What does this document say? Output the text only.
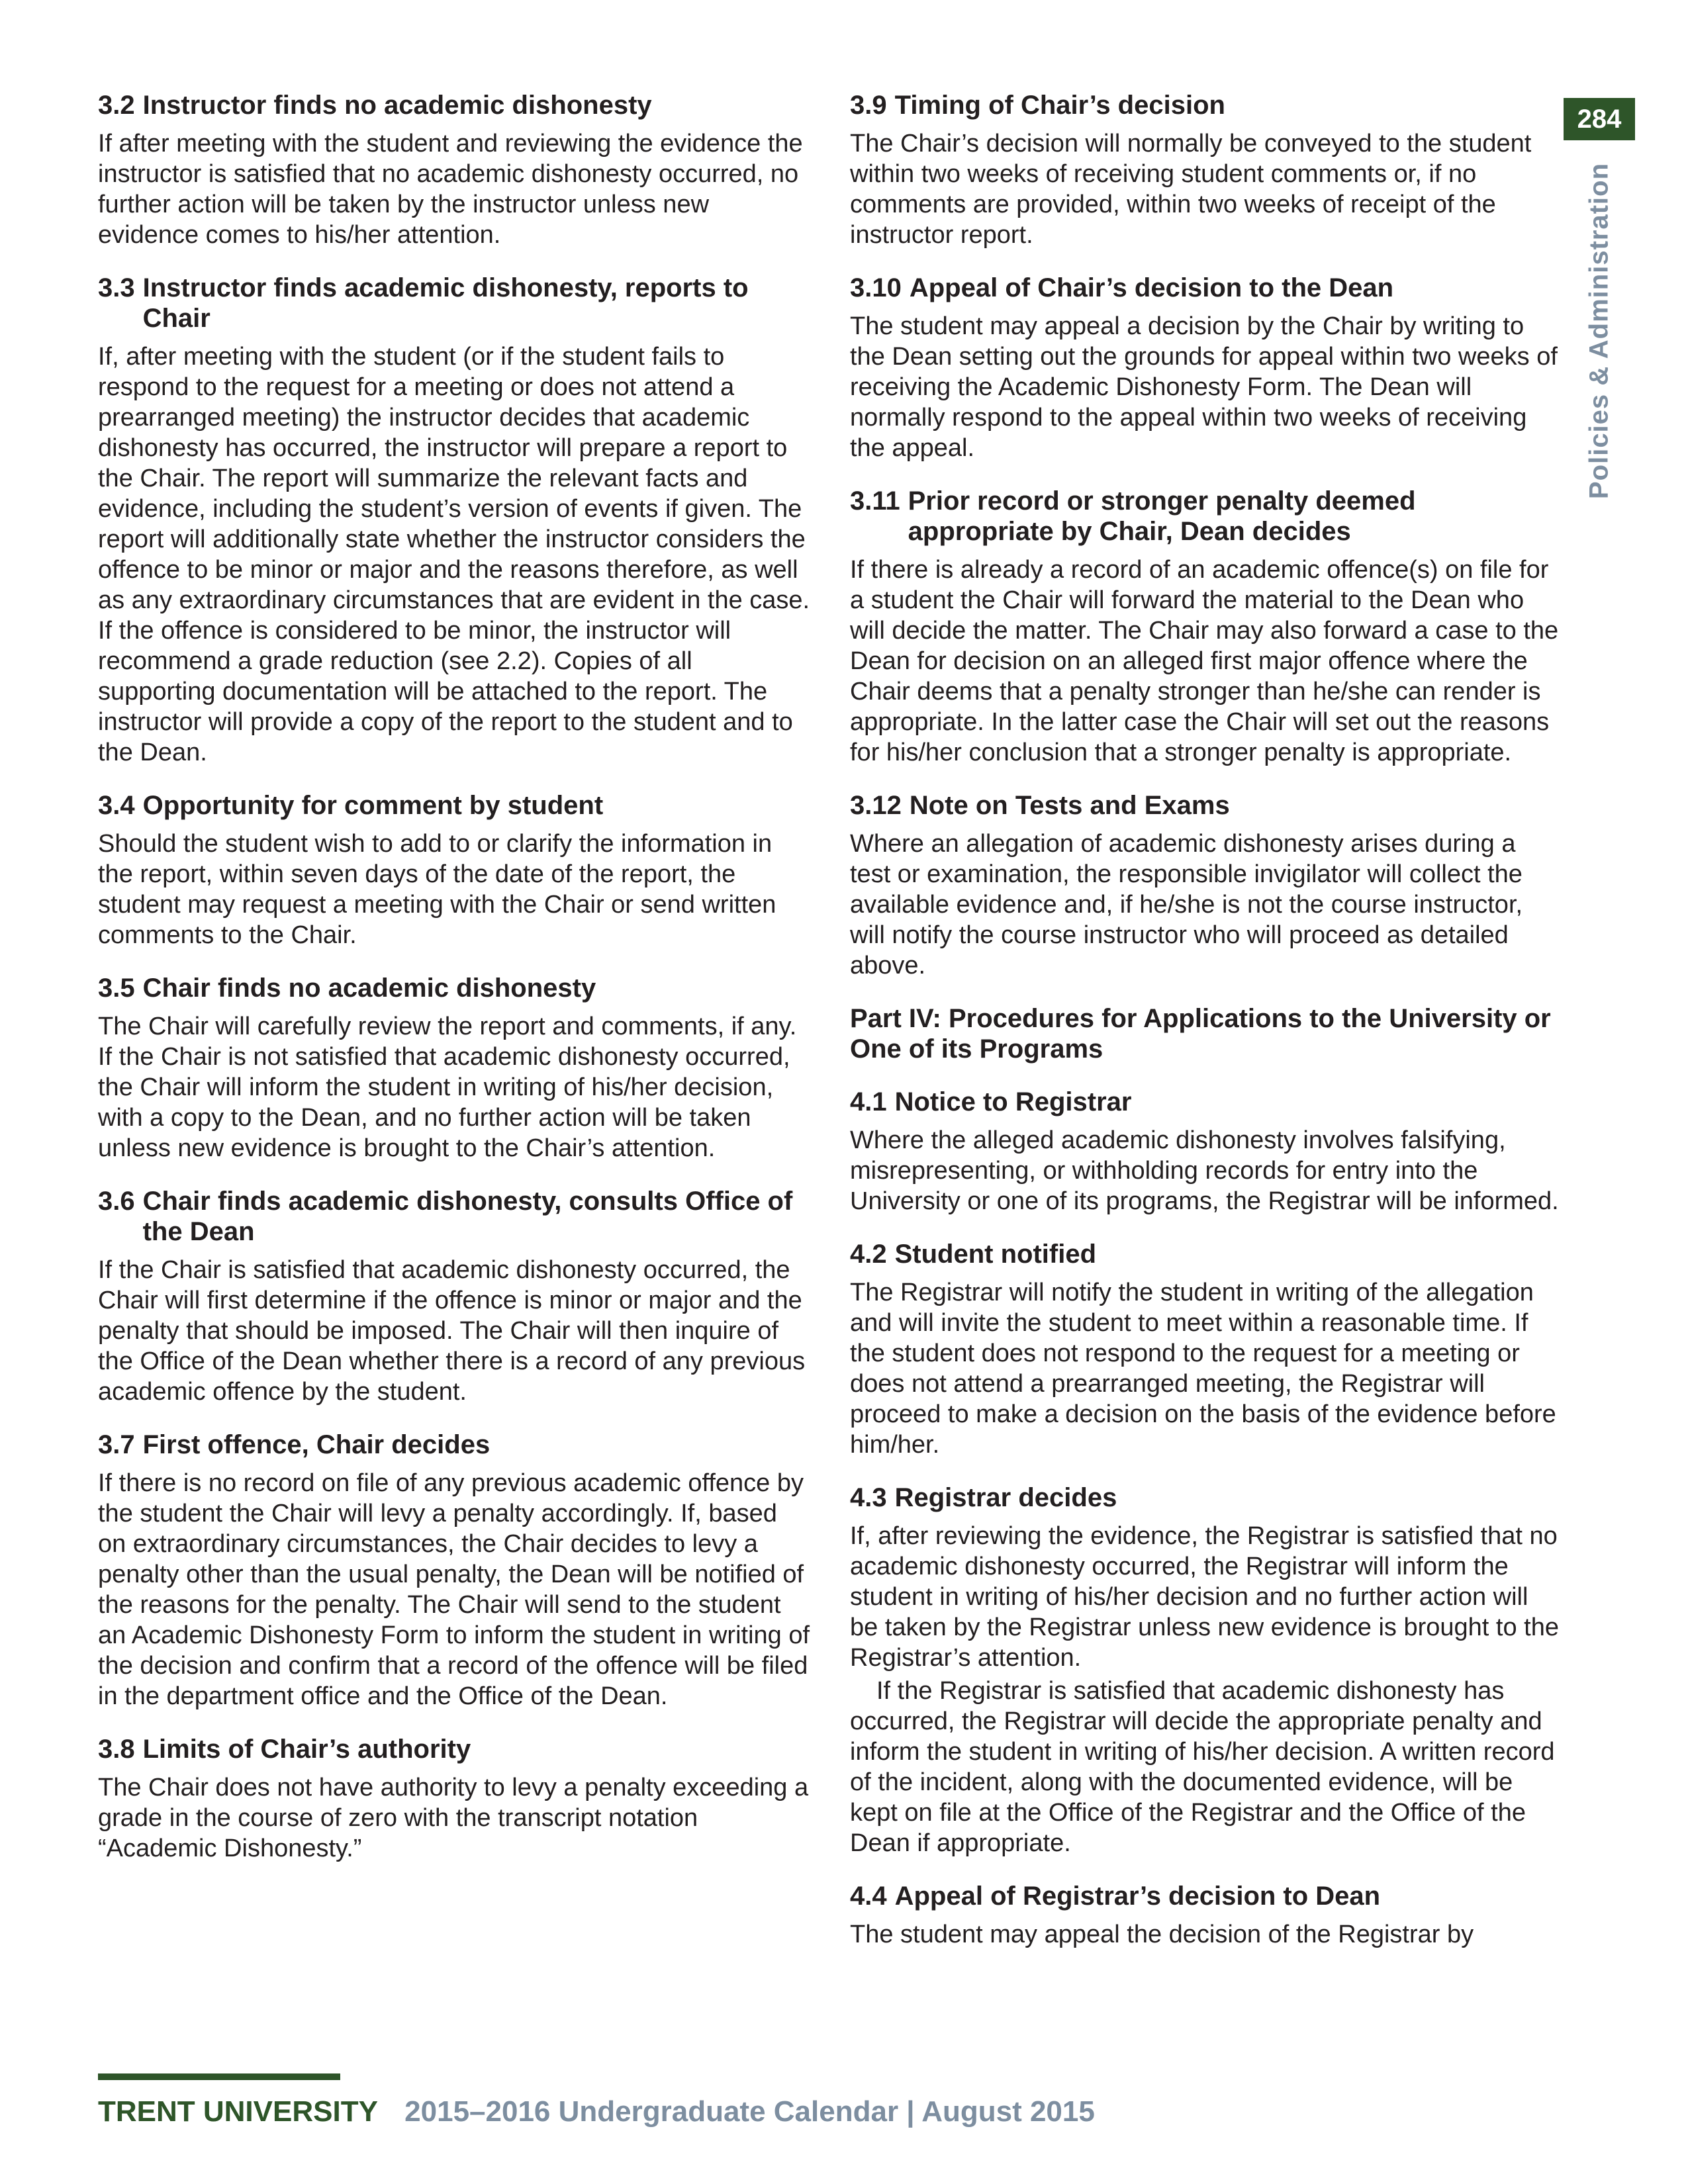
284
Policies & Administration
3.2 Instructor finds no academic dishonesty

If after meeting with the student and reviewing the evidence the instructor is satisfied that no academic dishonesty occurred, no further action will be taken by the instructor unless new evidence comes to his/her attention.

3.3 Instructor finds academic dishonesty, reports to Chair

If, after meeting with the student (or if the student fails to respond to the request for a meeting or does not attend a prearranged meeting) the instructor decides that academic dishonesty has occurred, the instructor will prepare a report to the Chair. The report will summarize the relevant facts and evidence, including the student’s version of events if given. The report will additionally state whether the instructor considers the offence to be minor or major and the reasons therefore, as well as any extraordinary circumstances that are evident in the case. If the offence is considered to be minor, the instructor will recommend a grade reduction (see 2.2). Copies of all supporting documentation will be attached to the report. The instructor will provide a copy of the report to the student and to the Dean.

3.4 Opportunity for comment by student

Should the student wish to add to or clarify the information in the report, within seven days of the date of the report, the student may request a meeting with the Chair or send written comments to the Chair.

3.5 Chair finds no academic dishonesty

The Chair will carefully review the report and comments, if any. If the Chair is not satisfied that academic dishonesty occurred, the Chair will inform the student in writing of his/her decision, with a copy to the Dean, and no further action will be taken unless new evidence is brought to the Chair’s attention.

3.6 Chair finds academic dishonesty, consults Office of the Dean

If the Chair is satisfied that academic dishonesty occurred, the Chair will first determine if the offence is minor or major and the penalty that should be imposed. The Chair will then inquire of the Office of the Dean whether there is a record of any previous academic offence by the student.

3.7 First offence, Chair decides

If there is no record on file of any previous academic offence by the student the Chair will levy a penalty accordingly. If, based on extraordinary circumstances, the Chair decides to levy a penalty other than the usual penalty, the Dean will be notified of the reasons for the penalty. The Chair will send to the student an Academic Dishonesty Form to inform the student in writing of the decision and confirm that a record of the offence will be filed in the department office and the Office of the Dean.

3.8 Limits of Chair’s authority

The Chair does not have authority to levy a penalty exceeding a grade in the course of zero with the transcript notation “Academic Dishonesty.”

3.9 Timing of Chair’s decision

The Chair’s decision will normally be conveyed to the student within two weeks of receiving student comments or, if no comments are provided, within two weeks of receipt of the instructor report.

3.10 Appeal of Chair’s decision to the Dean

The student may appeal a decision by the Chair by writing to the Dean setting out the grounds for appeal within two weeks of receiving the Academic Dishonesty Form. The Dean will normally respond to the appeal within two weeks of receiving the appeal.

3.11 Prior record or stronger penalty deemed appropriate by Chair, Dean decides

If there is already a record of an academic offence(s) on file for a student the Chair will forward the material to the Dean who will decide the matter. The Chair may also forward a case to the Dean for decision on an alleged first major offence where the Chair deems that a penalty stronger than he/she can render is appropriate. In the latter case the Chair will set out the reasons for his/her conclusion that a stronger penalty is appropriate.

3.12 Note on Tests and Exams

Where an allegation of academic dishonesty arises during a test or examination, the responsible invigilator will collect the available evidence and, if he/she is not the course instructor, will notify the course instructor who will proceed as detailed above.

Part IV: Procedures for Applications to the University or One of its Programs
4.1 Notice to Registrar

Where the alleged academic dishonesty involves falsifying, misrepresenting, or withholding records for entry into the University or one of its programs, the Registrar will be informed.

4.2 Student notified

The Registrar will notify the student in writing of the allegation and will invite the student to meet within a reasonable time. If the student does not respond to the request for a meeting or does not attend a prearranged meeting, the Registrar will proceed to make a decision on the basis of the evidence before him/her.

4.3 Registrar decides

If, after reviewing the evidence, the Registrar is satisfied that no academic dishonesty occurred, the Registrar will inform the student in writing of his/her decision and no further action will be taken by the Registrar unless new evidence is brought to the Registrar’s attention.

If the Registrar is satisfied that academic dishonesty has occurred, the Registrar will decide the appropriate penalty and inform the student in writing of his/her decision. A written record of the incident, along with the documented evidence, will be kept on file at the Office of the Registrar and the Office of the Dean if appropriate.

4.4 Appeal of Registrar’s decision to Dean

The student may appeal the decision of the Registrar by

TRENT UNIVERSITY 2015–2016 Undergraduate Calendar | August 2015
